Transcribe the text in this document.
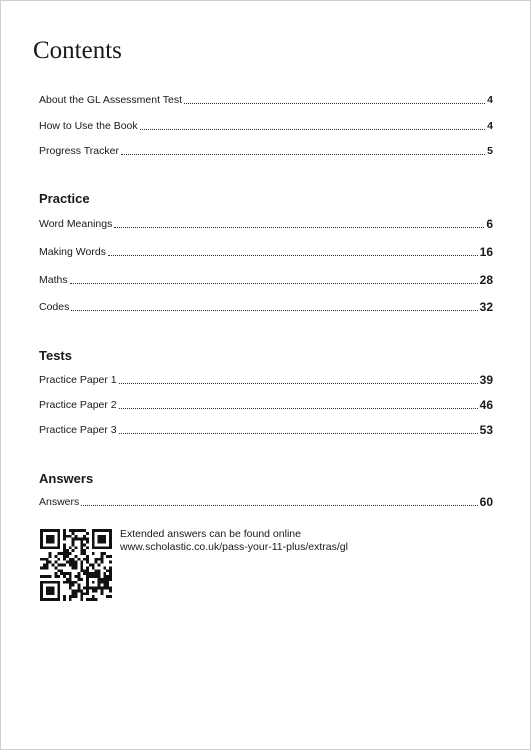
Contents
About the GL Assessment Test	4
How to Use the Book	4
Progress Tracker	5
Practice
Word Meanings	6
Making Words	16
Maths	28
Codes	32
Tests
Practice Paper 1	39
Practice Paper 2	46
Practice Paper 3	53
Answers
Answers	60
Extended answers can be found online
www.scholastic.co.uk/pass-your-11-plus/extras/gl
